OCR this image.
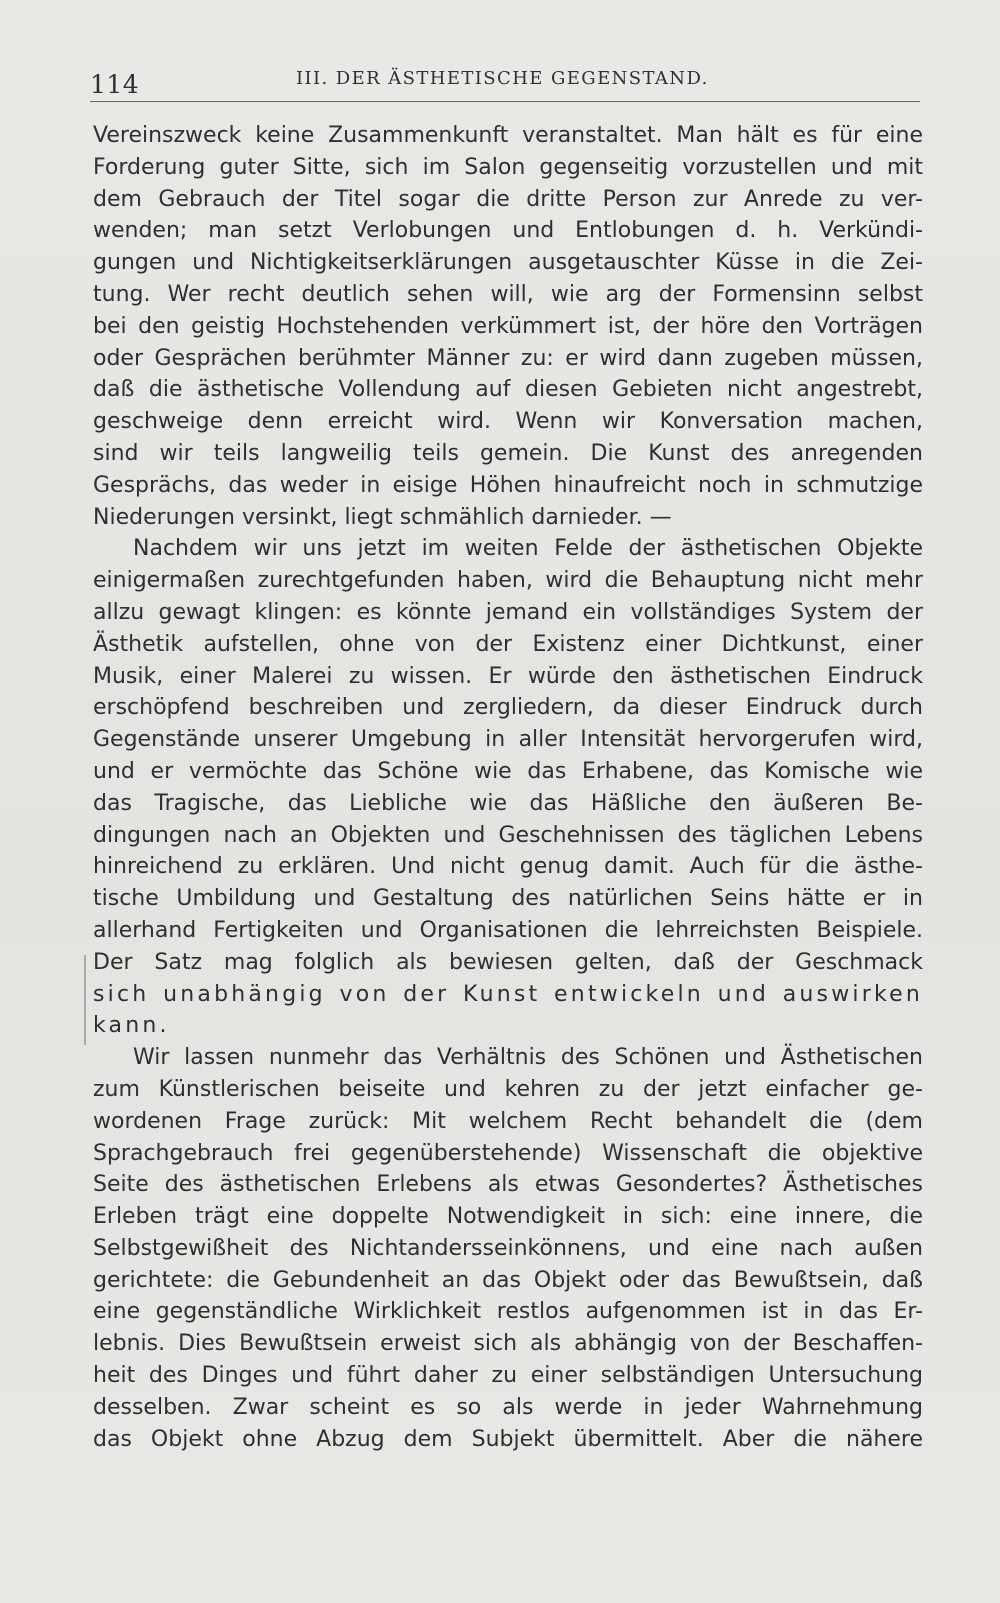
114	III. DER ÄSTHETISCHE GEGENSTAND.
Vereinszweck keine Zusammenkunft veranstaltet. Man hält es für eine
Forderung guter Sitte, sich im Salon gegenseitig vorzustellen und mit
dem Gebrauch der Titel sogar die dritte Person zur Anrede zu ver-
wenden; man setzt Verlobungen und Entlobungen d. h. Verkündi-
gungen und Nichtigkeitserklärungen ausgetauschter Küsse in die Zei-
tung. Wer recht deutlich sehen will, wie arg der Formensinn selbst
bei den geistig Hochstehenden verkümmert ist, der höre den Vorträgen
oder Gesprächen berühmter Männer zu: er wird dann zugeben müssen,
daß die ästhetische Vollendung auf diesen Gebieten nicht angestrebt,
geschweige denn erreicht wird. Wenn wir Konversation machen,
sind wir teils langweilig teils gemein. Die Kunst des anregenden
Gesprächs, das weder in eisige Höhen hinaufreicht noch in schmutzige
Niederungen versinkt, liegt schmählich darnieder. —
Nachdem wir uns jetzt im weiten Felde der ästhetischen Objekte
einigermaßen zurechtgefunden haben, wird die Behauptung nicht mehr
allzu gewagt klingen: es könnte jemand ein vollständiges System der
Ästhetik aufstellen, ohne von der Existenz einer Dichtkunst, einer
Musik, einer Malerei zu wissen. Er würde den ästhetischen Eindruck
erschöpfend beschreiben und zergliedern, da dieser Eindruck durch
Gegenstände unserer Umgebung in aller Intensität hervorgerufen wird,
und er vermöchte das Schöne wie das Erhabene, das Komische wie
das Tragische, das Liebliche wie das Häßliche den äußeren Be-
dingungen nach an Objekten und Geschehnissen des täglichen Lebens
hinreichend zu erklären. Und nicht genug damit. Auch für die ästhe-
tische Umbildung und Gestaltung des natürlichen Seins hätte er in
allerhand Fertigkeiten und Organisationen die lehrreichsten Beispiele.
Der Satz mag folglich als bewiesen gelten, daß der Geschmack
sich unabhängig von der Kunst entwickeln und auswirken
kann.
Wir lassen nunmehr das Verhältnis des Schönen und Ästhetischen
zum Künstlerischen beiseite und kehren zu der jetzt einfacher ge-
wordenen Frage zurück: Mit welchem Recht behandelt die (dem
Sprachgebrauch frei gegenüberstehende) Wissenschaft die objektive
Seite des ästhetischen Erlebens als etwas Gesondertes? Ästhetisches
Erleben trägt eine doppelte Notwendigkeit in sich: eine innere, die
Selbstgewißheit des Nichtandersseinkönnens, und eine nach außen
gerichtete: die Gebundenheit an das Objekt oder das Bewußtsein, daß
eine gegenständliche Wirklichkeit restlos aufgenommen ist in das Er-
lebnis. Dies Bewußtsein erweist sich als abhängig von der Beschaffen-
heit des Dinges und führt daher zu einer selbständigen Untersuchung
desselben. Zwar scheint es so als werde in jeder Wahrnehmung
das Objekt ohne Abzug dem Subjekt übermittelt. Aber die nähere
